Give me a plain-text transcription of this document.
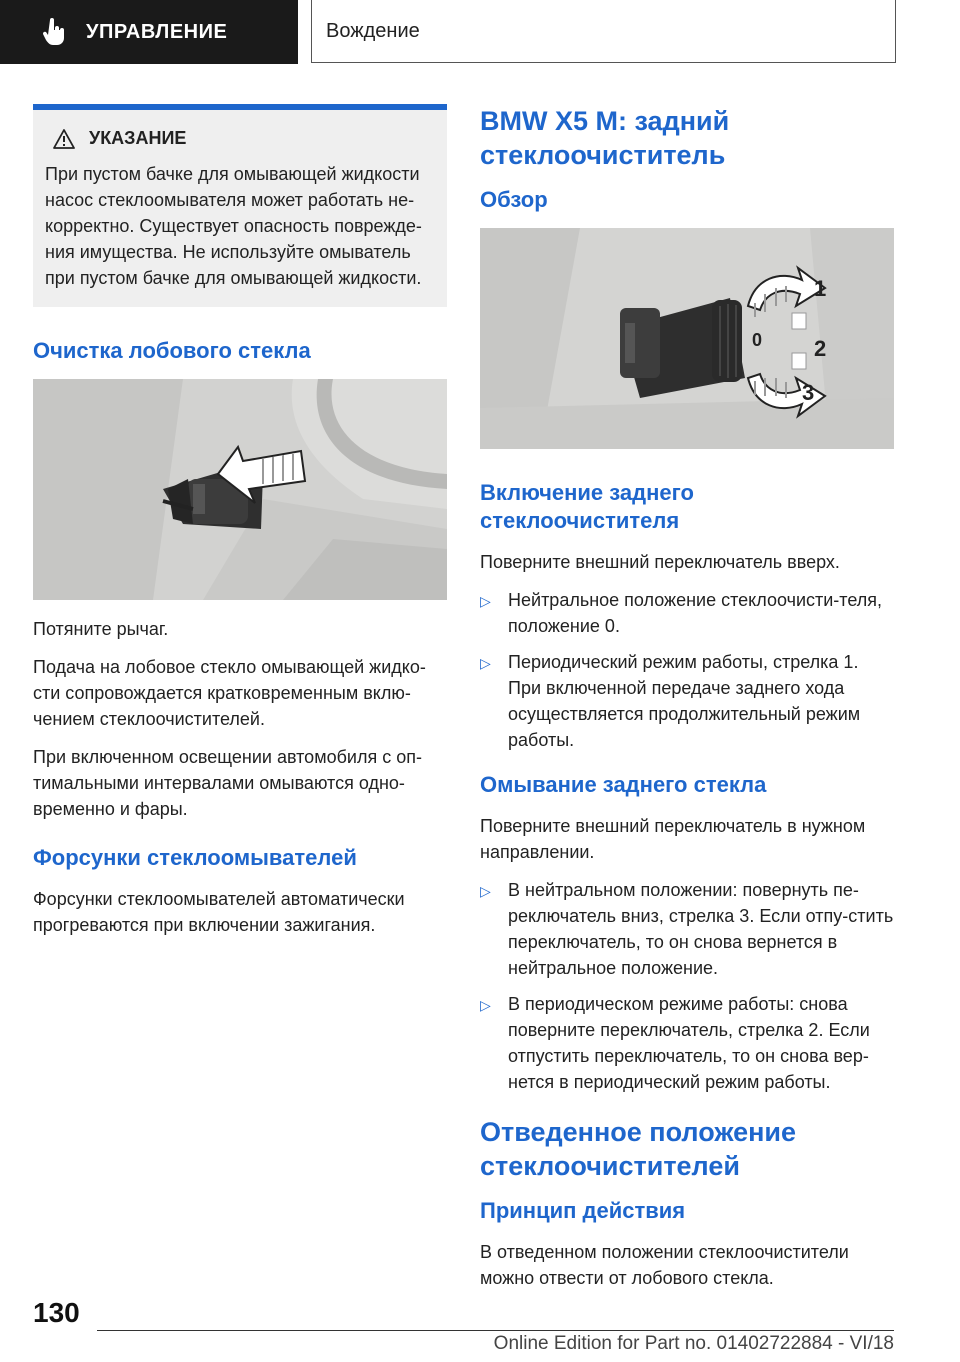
УПРАВЛЕНИЕ	Вождение
УКАЗАНИЕ
При пустом бачке для омывающей жидкости насос стеклоомывателя может работать не-корректно. Существует опасность поврежде-ния имущества. Не используйте омыватель при пустом бачке для омывающей жидкости.
Очистка лобового стекла

Потяните рычаг.

Подача на лобовое стекло омывающей жидко-сти сопровождается кратковременным вклю-чением стеклоочистителей.

При включенном освещении автомобиля с оп-тимальными интервалами омываются одно-временно и фары.

Форсунки стеклоомывателей

Форсунки стеклоомывателей автоматически прогреваются при включении зажигания.

BMW X5 M: задний стеклоочиститель
Обзор
1
0 2
3
Включение заднего стеклоочистителя

Поверните внешний переключатель вверх.

▷ Нейтральное положение стеклоочисти-теля, положение 0.
▷ Периодический режим работы, стрелка 1. При включенной передаче заднего хода осуществляется продолжительный режим работы.
Омывание заднего стекла

Поверните внешний переключатель в нужном направлении.

▷ В нейтральном положении: повернуть пе-реключатель вниз, стрелка 3. Если отпу-стить переключатель, то он снова вернется в нейтральное положение.
▷ В периодическом режиме работы: снова поверните переключатель, стрелка 2. Если отпустить переключатель, то он снова вер-нется в периодический режим работы.
Отведенное положение стеклоочистителей
Принцип действия

В отведенном положении стеклоочистители можно отвести от лобового стекла.

130
Online Edition for Part no. 01402722884 - VI/18
